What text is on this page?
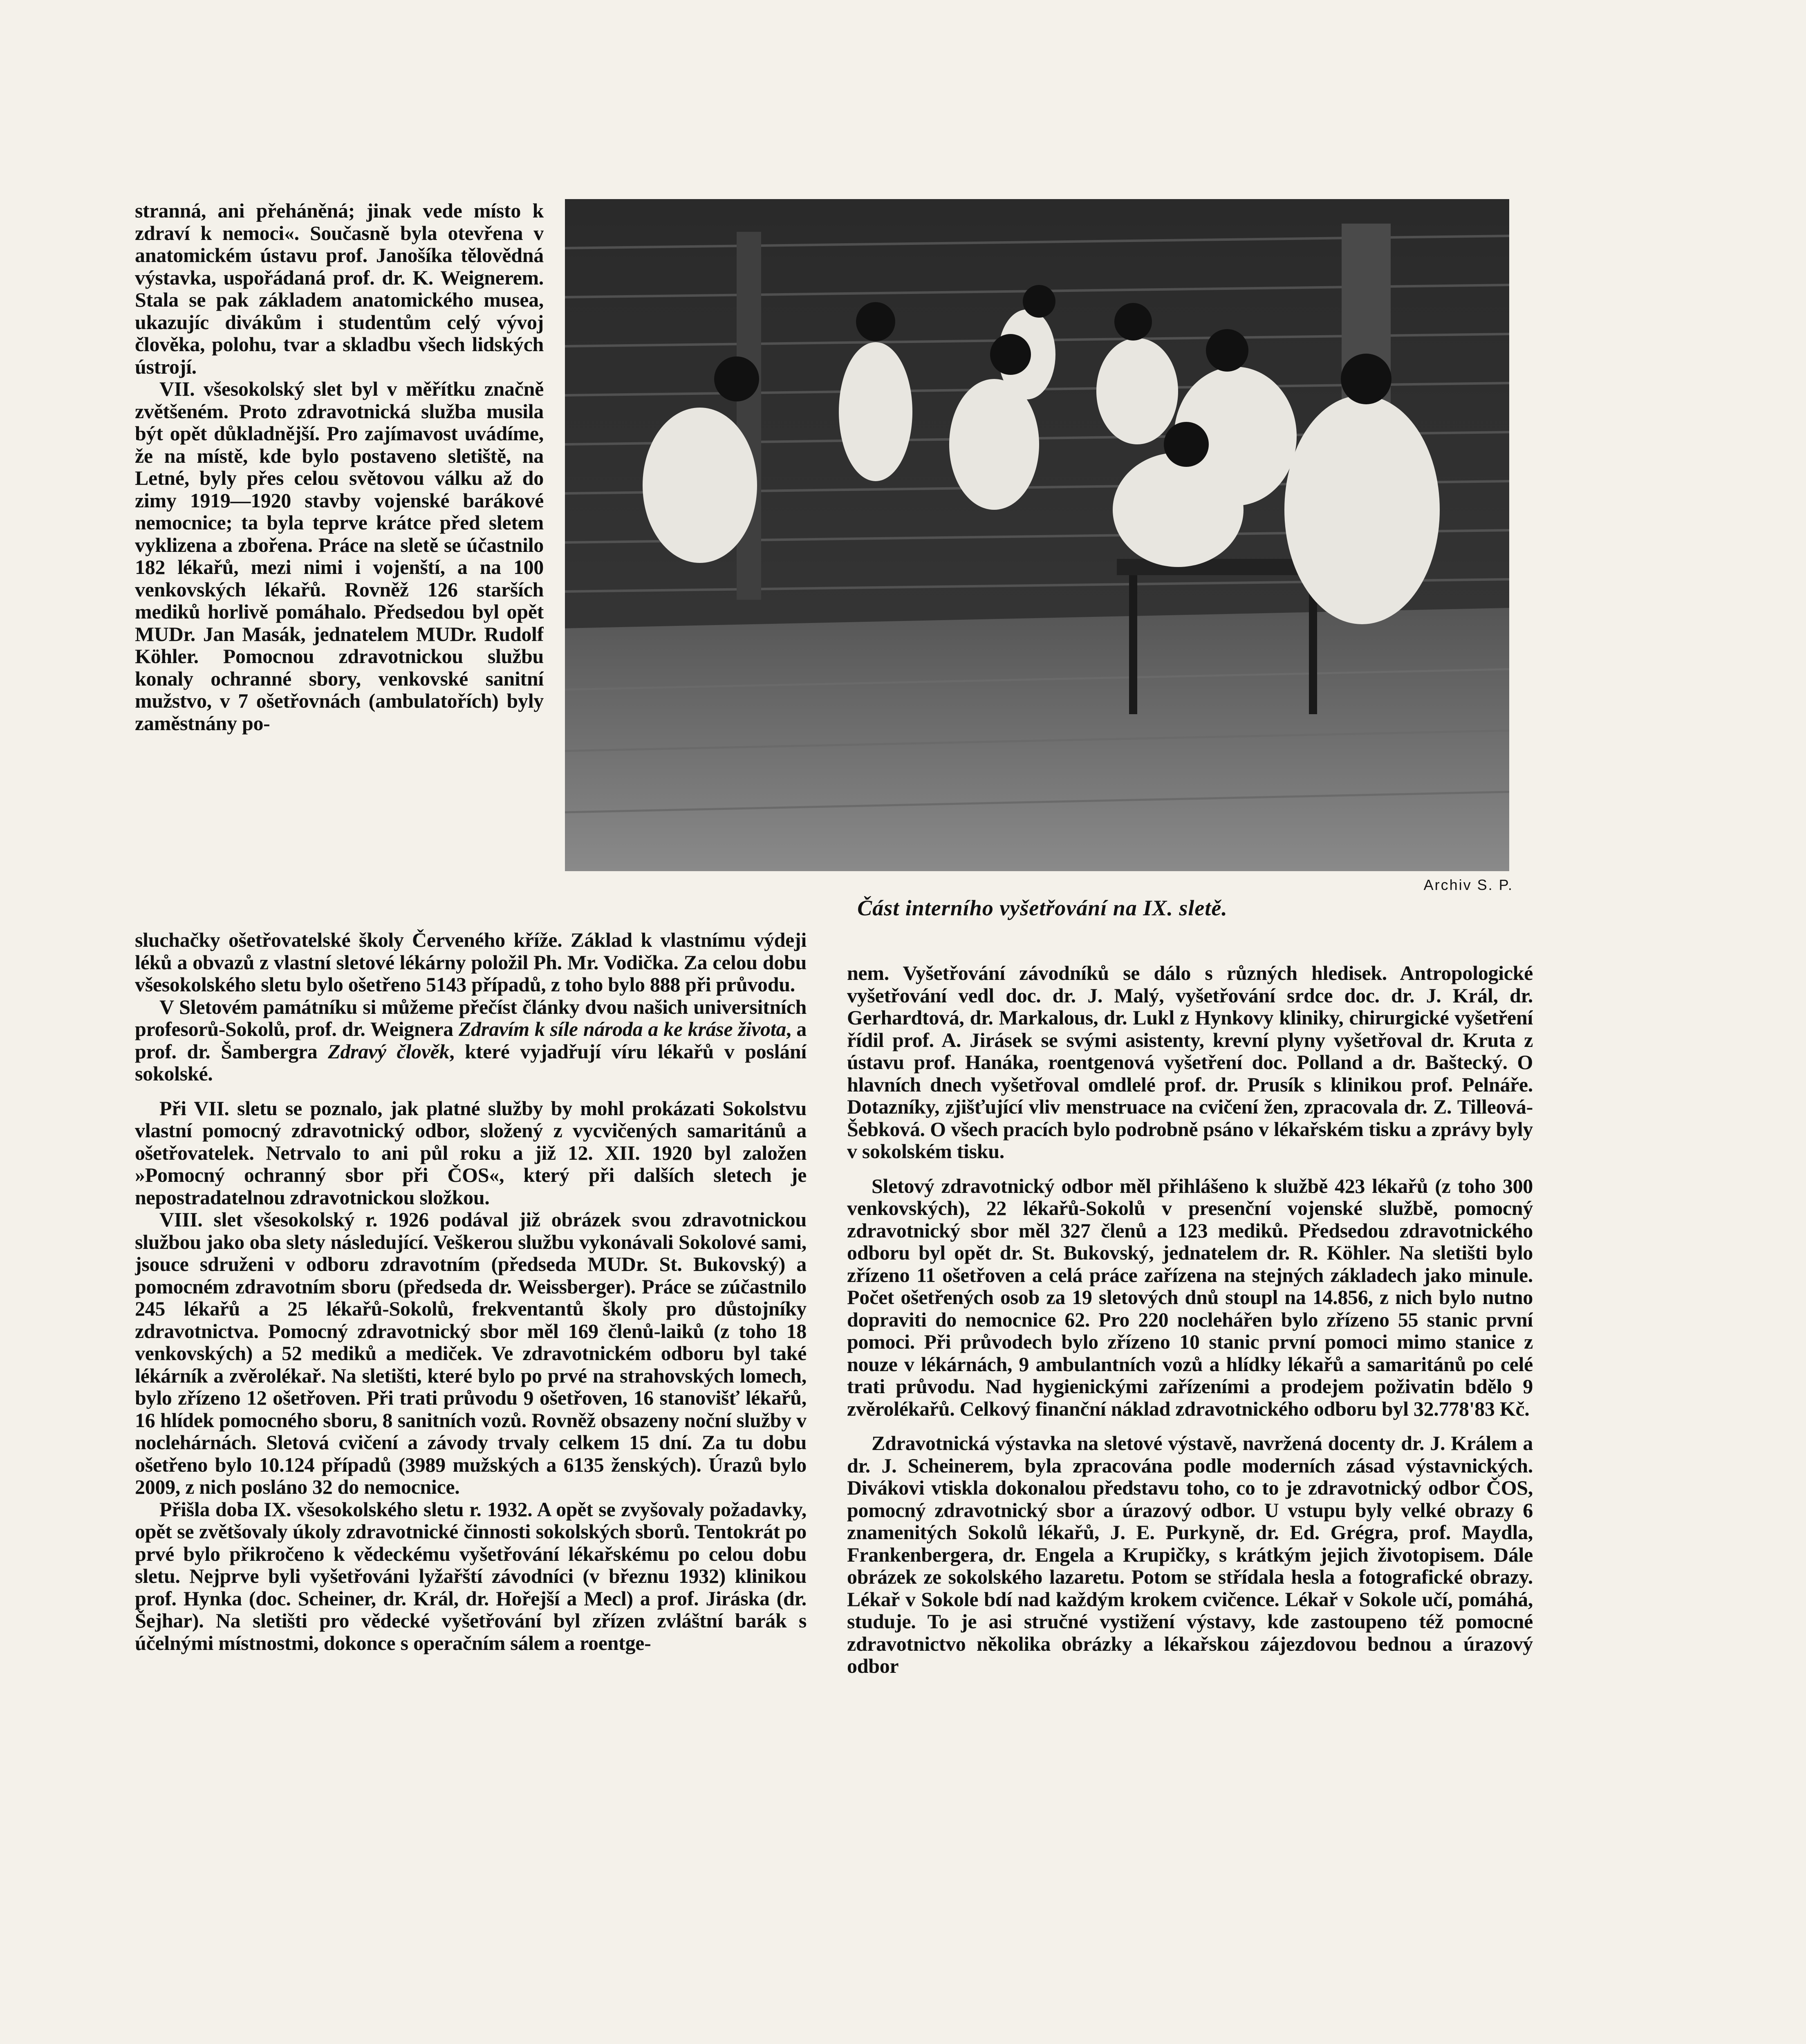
stranná, ani přeháněná; jinak vede místo k zdraví k nemoci«. Současně byla otevřena v anatomickém ústavu prof. Janošíka tělovědná výstavka, uspořádaná prof. dr. K. Weignerem. Stala se pak základem anatomického musea, ukazujíc divákům i studentům celý vývoj člověka, polohu, tvar a skladbu všech lidských ústrojí.

VII. všesokolský slet byl v měřítku značně zvětšeném. Proto zdravotnická služba musila být opět důkladnější. Pro zajímavost uvádíme, že na místě, kde bylo postaveno sletiště, na Letné, byly přes celou světovou válku až do zimy 1919—1920 stavby vojenské barákové nemocnice; ta byla teprve krátce před sletem vyklizena a zbořena. Práce na sletě se účastnilo 182 lékařů, mezi nimi i vojenští, a na 100 venkovských lékařů. Rovněž 126 starších mediků horlivě pomáhalo. Předsedou byl opět MUDr. Jan Masák, jednatelem MUDr. Rudolf Köhler. Pomocnou zdravotnickou službu konaly ochranné sbory, venkovské sanitní mužstvo, v 7 ošetřovnách (ambulatořích) byly zaměstnány po-

Archiv S. P.

Část interního vyšetřování na IX. sletě.

sluchačky ošetřovatelské školy Červeného kříže. Základ k vlastnímu výdeji léků a obvazů z vlastní sletové lékárny položil Ph. Mr. Vodička. Za celou dobu všesokolského sletu bylo ošetřeno 5143 případů, z toho bylo 888 při průvodu.

V Sletovém památníku si můžeme přečíst články dvou našich universitních profesorů-Sokolů, prof. dr. Weignera Zdravím k síle národa a ke kráse života, a prof. dr. Šambergra Zdravý člověk, které vyjadřují víru lékařů v poslání sokolské.

Při VII. sletu se poznalo, jak platné služby by mohl prokázati Sokolstvu vlastní pomocný zdravotnický odbor, složený z vycvičených samaritánů a ošetřovatelek. Netrvalo to ani půl roku a již 12. XII. 1920 byl založen »Pomocný ochranný sbor při ČOS«, který při dalších sletech je nepostradatelnou zdravotnickou složkou.

VIII. slet všesokolský r. 1926 podával již obrázek svou zdravotnickou službou jako oba slety následující. Veškerou službu vykonávali Sokolové sami, jsouce sdruženi v odboru zdravotním (předseda MUDr. St. Bukovský) a pomocném zdravotním sboru (předseda dr. Weissberger). Práce se zúčastnilo 245 lékařů a 25 lékařů-Sokolů, frekventantů školy pro důstojníky zdravotnictva. Pomocný zdravotnický sbor měl 169 členů-laiků (z toho 18 venkovských) a 52 mediků a mediček. Ve zdravotnickém odboru byl také lékárník a zvěrolékař. Na sletišti, které bylo po prvé na strahovských lomech, bylo zřízeno 12 ošetřoven. Při trati průvodu 9 ošetřoven, 16 stanovišť lékařů, 16 hlídek pomocného sboru, 8 sanitních vozů. Rovněž obsazeny noční služby v noclehárnách. Sletová cvičení a závody trvaly celkem 15 dní. Za tu dobu ošetřeno bylo 10.124 případů (3989 mužských a 6135 ženských). Úrazů bylo 2009, z nich posláno 32 do nemocnice.

Přišla doba IX. všesokolského sletu r. 1932. A opět se zvyšovaly požadavky, opět se zvětšovaly úkoly zdravotnické činnosti sokolských sborů. Tentokrát po prvé bylo přikročeno k vědeckému vyšetřování lékařskému po celou dobu sletu. Nejprve byli vyšetřováni lyžařští závodníci (v březnu 1932) klinikou prof. Hynka (doc. Scheiner, dr. Král, dr. Hořejší a Mecl) a prof. Jiráska (dr. Šejhar). Na sletišti pro vědecké vyšetřování byl zřízen zvláštní barák s účelnými místnostmi, dokonce s operačním sálem a roentge-

nem. Vyšetřování závodníků se dálo s různých hledisek. Antropologické vyšetřování vedl doc. dr. J. Malý, vyšetřování srdce doc. dr. J. Král, dr. Gerhardtová, dr. Markalous, dr. Lukl z Hynkovy kliniky, chirurgické vyšetření řídil prof. A. Jirásek se svými asistenty, krevní plyny vyšetřoval dr. Kruta z ústavu prof. Hanáka, roentgenová vyšetření doc. Polland a dr. Baštecký. O hlavních dnech vyšetřoval omdlelé prof. dr. Prusík s klinikou prof. Pelnáře. Dotazníky, zjišťující vliv menstruace na cvičení žen, zpracovala dr. Z. Tilleová-Šebková. O všech pracích bylo podrobně psáno v lékařském tisku a zprávy byly v sokolském tisku.

Sletový zdravotnický odbor měl přihlášeno k službě 423 lékařů (z toho 300 venkovských), 22 lékařů-Sokolů v presenční vojenské službě, pomocný zdravotnický sbor měl 327 členů a 123 mediků. Předsedou zdravotnického odboru byl opět dr. St. Bukovský, jednatelem dr. R. Köhler. Na sletišti bylo zřízeno 11 ošetřoven a celá práce zařízena na stejných základech jako minule. Počet ošetřených osob za 19 sletových dnů stoupl na 14.856, z nich bylo nutno dopraviti do nemocnice 62. Pro 220 noclehářen bylo zřízeno 55 stanic první pomoci. Při průvodech bylo zřízeno 10 stanic první pomoci mimo stanice z nouze v lékárnách, 9 ambulantních vozů a hlídky lékařů a samaritánů po celé trati průvodu. Nad hygienickými zařízeními a prodejem poživatin bdělo 9 zvěrolékařů. Celkový finanční náklad zdravotnického odboru byl 32.778'83 Kč.

Zdravotnická výstavka na sletové výstavě, navržená docenty dr. J. Králem a dr. J. Scheinerem, byla zpracována podle moderních zásad výstavnických. Divákovi vtiskla dokonalou představu toho, co to je zdravotnický odbor ČOS, pomocný zdravotnický sbor a úrazový odbor. U vstupu byly velké obrazy 6 znamenitých Sokolů lékařů, J. E. Purkyně, dr. Ed. Grégra, prof. Maydla, Frankenbergera, dr. Engela a Krupičky, s krátkým jejich životopisem. Dále obrázek ze sokolského lazaretu. Potom se střídala hesla a fotografické obrazy. Lékař v Sokole bdí nad každým krokem cvičence. Lékař v Sokole učí, pomáhá, studuje. To je asi stručné vystižení výstavy, kde zastoupeno též pomocné zdravotnictvo několika obrázky a lékařskou zájezdovou bednou a úrazový odbor
